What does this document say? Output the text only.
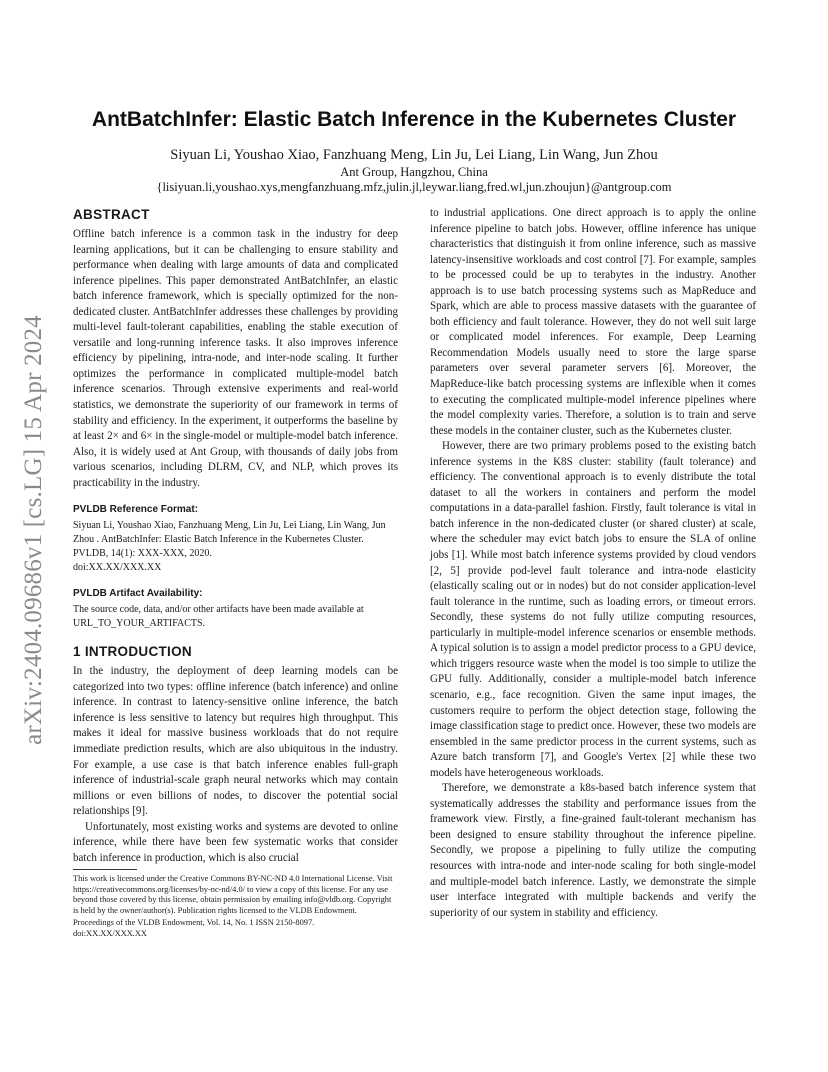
arXiv:2404.09686v1 [cs.LG] 15 Apr 2024
AntBatchInfer: Elastic Batch Inference in the Kubernetes Cluster
Siyuan Li, Youshao Xiao, Fanzhuang Meng, Lin Ju, Lei Liang, Lin Wang, Jun Zhou
Ant Group, Hangzhou, China
{lisiyuan.li,youshao.xys,mengfanzhuang.mfz,julin.jl,leywar.liang,fred.wl,jun.zhoujun}@antgroup.com
ABSTRACT

Offline batch inference is a common task in the industry for deep learning applications, but it can be challenging to ensure stability and performance when dealing with large amounts of data and complicated inference pipelines. This paper demonstrated AntBatchInfer, an elastic batch inference framework, which is specially optimized for the non-dedicated cluster. AntBatchInfer addresses these challenges by providing multi-level fault-tolerant capabilities, enabling the stable execution of versatile and long-running inference tasks. It also improves inference efficiency by pipelining, intra-node, and inter-node scaling. It further optimizes the performance in complicated multiple-model batch inference scenarios. Through extensive experiments and real-world statistics, we demonstrate the superiority of our framework in terms of stability and efficiency. In the experiment, it outperforms the baseline by at least 2× and 6× in the single-model or multiple-model batch inference. Also, it is widely used at Ant Group, with thousands of daily jobs from various scenarios, including DLRM, CV, and NLP, which proves its practicability in the industry.

PVLDB Reference Format:

Siyuan Li, Youshao Xiao, Fanzhuang Meng, Lin Ju, Lei Liang, Lin Wang, Jun Zhou . AntBatchInfer: Elastic Batch Inference in the Kubernetes Cluster. PVLDB, 14(1): XXX-XXX, 2020.

doi:XX.XX/XXX.XX

PVLDB Artifact Availability:

The source code, data, and/or other artifacts have been made available at URL_TO_YOUR_ARTIFACTS.

1 INTRODUCTION

In the industry, the deployment of deep learning models can be categorized into two types: offline inference (batch inference) and online inference. In contrast to latency-sensitive online inference, the batch inference is less sensitive to latency but requires high throughput. This makes it ideal for massive business workloads that do not require immediate prediction results, which are also ubiquitous in the industry. For example, a use case is that batch inference enables full-graph inference of industrial-scale graph neural networks which may contain millions or even billions of nodes, to discover the potential social relationships [9].

Unfortunately, most existing works and systems are devoted to online inference, while there have been few systematic works that consider batch inference in production, which is also crucial

This work is licensed under the Creative Commons BY-NC-ND 4.0 International License. Visit https://creativecommons.org/licenses/by-nc-nd/4.0/ to view a copy of this license. For any use beyond those covered by this license, obtain permission by emailing info@vldb.org. Copyright is held by the owner/author(s). Publication rights licensed to the VLDB Endowment.

Proceedings of the VLDB Endowment, Vol. 14, No. 1 ISSN 2150-8097.

doi:XX.XX/XXX.XX

to industrial applications. One direct approach is to apply the online inference pipeline to batch jobs. However, offline inference has unique characteristics that distinguish it from online inference, such as massive latency-insensitive workloads and cost control [7]. For example, samples to be processed could be up to terabytes in the industry. Another approach is to use batch processing systems such as MapReduce and Spark, which are able to process massive datasets with the guarantee of both efficiency and fault tolerance. However, they do not well suit large or complicated model inferences. For example, Deep Learning Recommendation Models usually need to store the large sparse parameters over several parameter servers [6]. Moreover, the MapReduce-like batch processing systems are inflexible when it comes to executing the complicated multiple-model inference pipelines where the model complexity varies. Therefore, a solution is to train and serve these models in the container cluster, such as the Kubernetes cluster.

However, there are two primary problems posed to the existing batch inference systems in the K8S cluster: stability (fault tolerance) and efficiency. The conventional approach is to evenly distribute the total dataset to all the workers in containers and perform the model computations in a data-parallel fashion. Firstly, fault tolerance is vital in batch inference in the non-dedicated cluster (or shared cluster) at scale, where the scheduler may evict batch jobs to ensure the SLA of online jobs [1]. While most batch inference systems provided by cloud vendors [2, 5] provide pod-level fault tolerance and intra-node elasticity (elastically scaling out or in nodes) but do not consider application-level fault tolerance in the runtime, such as loading errors, or timeout errors. Secondly, these systems do not fully utilize computing resources, particularly in multiple-model inference scenarios or ensemble methods. A typical solution is to assign a model predictor process to a GPU device, which triggers resource waste when the model is too simple to utilize the GPU fully. Additionally, consider a multiple-model batch inference scenario, e.g., face recognition. Given the same input images, the customers require to perform the object detection stage, following the image classification stage to predict once. However, these two models are ensembled in the same predictor process in the current systems, such as Azure batch transform [7], and Google's Vertex [2] while these two models have heterogeneous workloads.

Therefore, we demonstrate a k8s-based batch inference system that systematically addresses the stability and performance issues from the framework view. Firstly, a fine-grained fault-tolerant mechanism has been designed to ensure stability throughout the inference pipeline. Secondly, we propose a pipelining to fully utilize the computing resources with intra-node and inter-node scaling for both single-model and multiple-model batch inference. Lastly, we demonstrate the simple user interface integrated with multiple backends and verify the superiority of our system in stability and efficiency.
